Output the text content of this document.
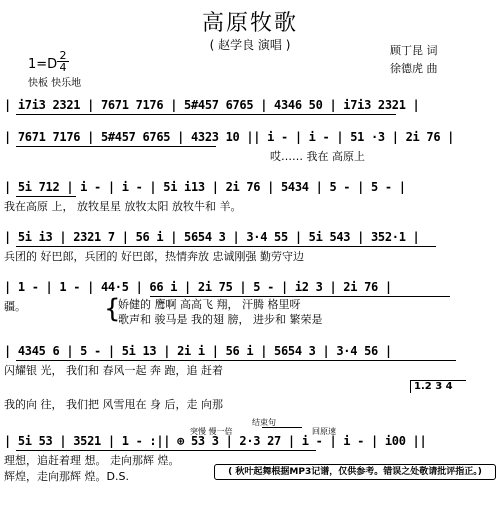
高原牧歌
( 赵学良 演唱 )	顾丁昆 词
徐德虎 曲
1=D
2
4
快板 快乐地
| i7i3 2321 | 7671 7176 | 5#457 6765 | 4346 50 | i7i3 2321 |
| 7671 7176 | 5#457 6765 | 4323 10 || i - | i - | 51 ·3 | 2i 76 |
哎…… 我在 高原上
| 5i 712 | i - | i - | 5i i13 | 2i 76 | 5434 | 5 - | 5 - |
我在高原 上， 放牧星星 放牧太阳 放牧牛和 羊。
| 5i i3 | 2321 7 | 56 i | 5654 3 | 3·4 55 | 5i 543 | 352·1 |
兵团的 好巴郎，兵团的 好巴郎，热情奔放 忠诚刚强 勤劳守边
| 1 - | 1 - | 44·5 | 66 i | 2i 75 | 5 - | i2 3 | 2i 76 |
疆。	{
娇健的 鹰啊 高高飞 翔， 汗腾 格里呀
歌声和 骏马是 我的翅 膀， 进步和 繁荣是
| 4345 6 | 5 - | 5i 13 | 2i i | 56 i | 5654 3 | 3·4 56 |
闪耀银 光， 我们和 春风一起 奔 跑，追 赶着
1.2 3 4
我的向 往， 我们把 风雪甩在 身 后，走 向那
结束句
突慢 慢一倍	回原速
| 5i 53 | 3521 | 1 - :|| ⊕ 53 3 | 2·3 27 | i - | i - | i00 ||
理想，追赶着理 想。 走向那辉 煌。
辉煌，走向那辉 煌。D.S.	( 秋叶起舞根据MP3记谱，仅供参考。错误之处敬请批评指正。)
